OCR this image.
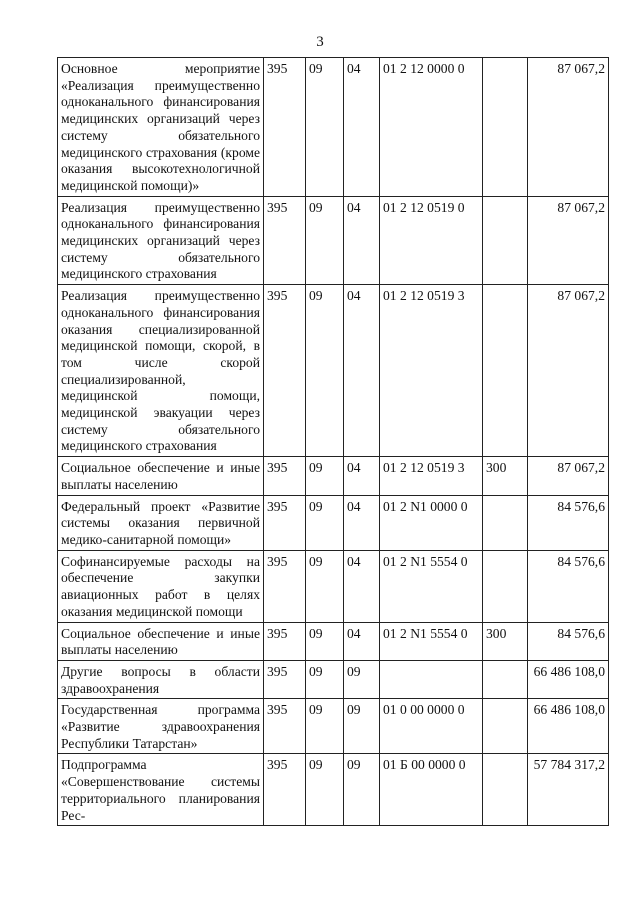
3
Основное мероприятие «Реализация преимущественно одноканального финансирования медицинских организаций через систему обязательного медицинского страхования (кроме оказания высокотехнологичной медицинской помощи)»	395	09	04	01 2 12 0000 0		87 067,2
Реализация преимущественно одноканального финансирования медицинских организаций через систему обязательного медицинского страхования	395	09	04	01 2 12 0519 0		87 067,2
Реализация преимущественно одноканального финансирования оказания специализированной медицинской помощи, скорой, в том числе скорой специализированной, медицинской помощи, медицинской эвакуации через систему обязательного медицинского страхования	395	09	04	01 2 12 0519 3		87 067,2
Социальное обеспечение и иные выплаты населению	395	09	04	01 2 12 0519 3	300	87 067,2
Федеральный проект «Развитие системы оказания первичной медико-санитарной помощи»	395	09	04	01 2 N1 0000 0		84 576,6
Софинансируемые расходы на обеспечение закупки авиационных работ в целях оказания медицинской помощи	395	09	04	01 2 N1 5554 0		84 576,6
Социальное обеспечение и иные выплаты населению	395	09	04	01 2 N1 5554 0	300	84 576,6
Другие вопросы в области здравоохранения	395	09	09			66 486 108,0
Государственная программа «Развитие здравоохранения Республики Татарстан»	395	09	09	01 0 00 0000 0		66 486 108,0
Подпрограмма «Совершенствование системы территориального планирования Рес-	395	09	09	01 Б 00 0000 0		57 784 317,2
